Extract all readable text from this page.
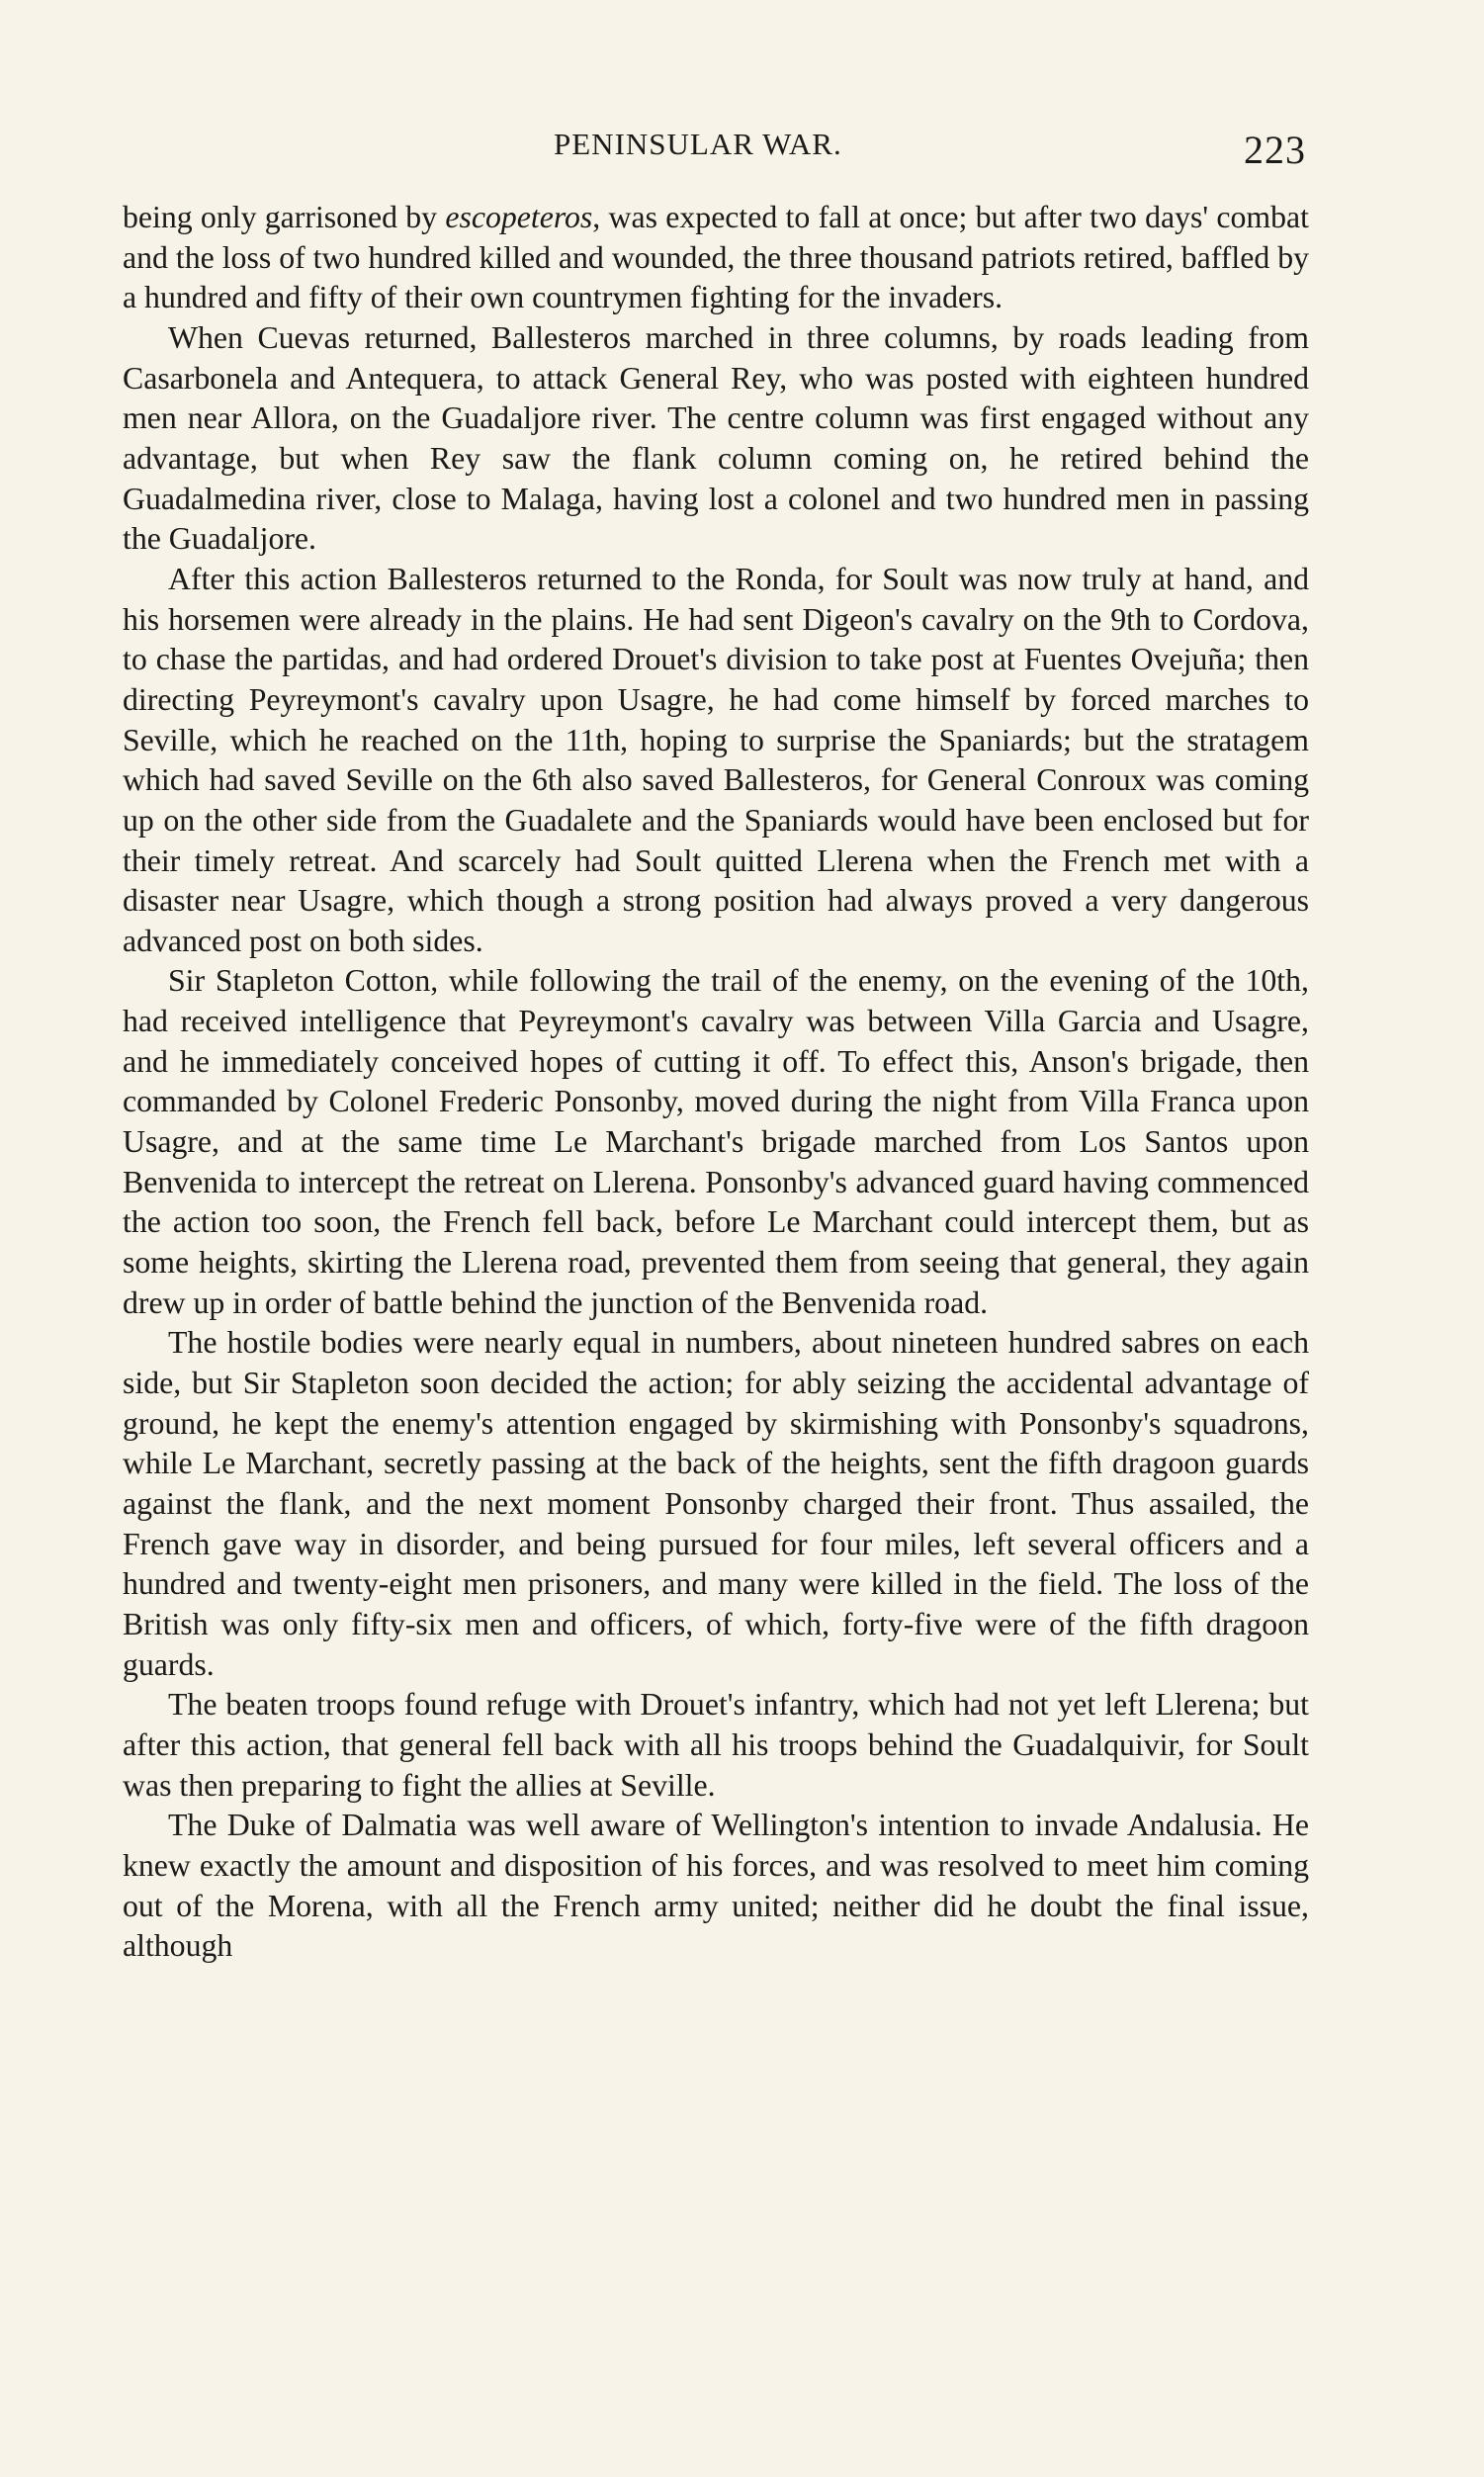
PENINSULAR WAR.	223

being only garrisoned by escopeteros, was expected to fall at once; but after two days' combat and the loss of two hundred killed and wounded, the three thousand patriots retired, baffled by a hundred and fifty of their own countrymen fighting for the invaders.

When Cuevas returned, Ballesteros marched in three columns, by roads leading from Casarbonela and Antequera, to attack General Rey, who was posted with eighteen hundred men near Allora, on the Guadaljore river. The centre column was first engaged without any advantage, but when Rey saw the flank column coming on, he retired behind the Guadalmedina river, close to Malaga, having lost a colonel and two hundred men in passing the Guadaljore.

After this action Ballesteros returned to the Ronda, for Soult was now truly at hand, and his horsemen were already in the plains. He had sent Digeon's cavalry on the 9th to Cordova, to chase the partidas, and had ordered Drouet's division to take post at Fuentes Ovejuña; then directing Peyreymont's cavalry upon Usagre, he had come himself by forced marches to Seville, which he reached on the 11th, hoping to surprise the Spaniards; but the stratagem which had saved Seville on the 6th also saved Ballesteros, for General Conroux was coming up on the other side from the Guadalete and the Spaniards would have been enclosed but for their timely retreat. And scarcely had Soult quitted Llerena when the French met with a disaster near Usagre, which though a strong position had always proved a very dangerous advanced post on both sides.

Sir Stapleton Cotton, while following the trail of the enemy, on the evening of the 10th, had received intelligence that Peyreymont's cavalry was between Villa Garcia and Usagre, and he immediately conceived hopes of cutting it off. To effect this, Anson's brigade, then commanded by Colonel Frederic Ponsonby, moved during the night from Villa Franca upon Usagre, and at the same time Le Marchant's brigade marched from Los Santos upon Benvenida to intercept the retreat on Llerena. Ponsonby's advanced guard having commenced the action too soon, the French fell back, before Le Marchant could intercept them, but as some heights, skirting the Llerena road, prevented them from seeing that general, they again drew up in order of battle behind the junction of the Benvenida road.

The hostile bodies were nearly equal in numbers, about nineteen hundred sabres on each side, but Sir Stapleton soon decided the action; for ably seizing the accidental advantage of ground, he kept the enemy's attention engaged by skirmishing with Ponsonby's squadrons, while Le Marchant, secretly passing at the back of the heights, sent the fifth dragoon guards against the flank, and the next moment Ponsonby charged their front. Thus assailed, the French gave way in disorder, and being pursued for four miles, left several officers and a hundred and twenty-eight men prisoners, and many were killed in the field. The loss of the British was only fifty-six men and officers, of which, forty-five were of the fifth dragoon guards.

The beaten troops found refuge with Drouet's infantry, which had not yet left Llerena; but after this action, that general fell back with all his troops behind the Guadalquivir, for Soult was then preparing to fight the allies at Seville.

The Duke of Dalmatia was well aware of Wellington's intention to invade Andalusia. He knew exactly the amount and disposition of his forces, and was resolved to meet him coming out of the Morena, with all the French army united; neither did he doubt the final issue, although
